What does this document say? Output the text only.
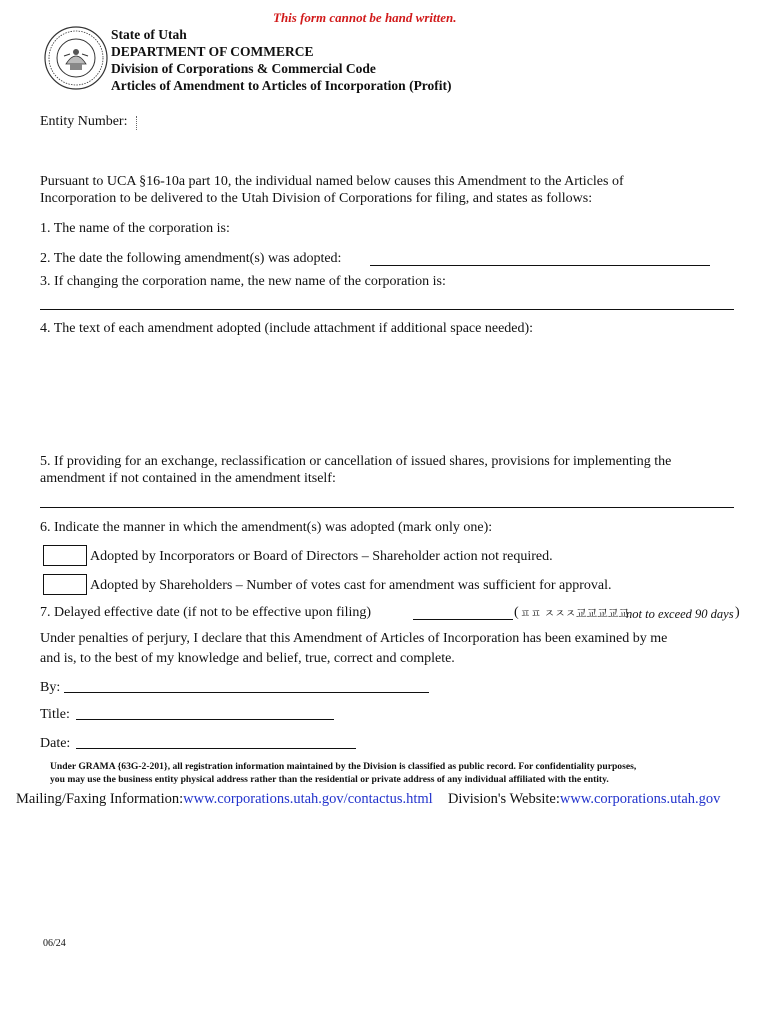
This form cannot be hand written.
State of Utah
DEPARTMENT OF COMMERCE
Division of Corporations & Commercial Code
Articles of Amendment to Articles of Incorporation (Profit)
Entity Number:
Pursuant to UCA §16-10a part 10, the individual named below causes this Amendment to the Articles of
Incorporation to be delivered to the Utah Division of Corporations for filing, and states as follows:
1. The name of the corporation is:
2. The date the following amendment(s) was adopted:
3. If changing the corporation name, the new name of the corporation is:
4. The text of each amendment adopted (include attachment if additional space needed):
5. If providing for an exchange, reclassification or cancellation of issued shares, provisions for implementing the
amendment if not contained in the amendment itself:
6. Indicate the manner in which the amendment(s) was adopted (mark only one):
Adopted by Incorporators or Board of Directors – Shareholder action not required.
Adopted by Shareholders – Number of votes cast for amendment was sufficient for approval.
7. Delayed effective date (if not to be effective upon filing)	( ㅍㅍ ㅈㅈㅈ교교교교교
not to exceed 90 days )
Under penalties of perjury, I declare that this Amendment of Articles of Incorporation has been examined by me
and is, to the best of my knowledge and belief, true, correct and complete.
By:
Title:
Date:
Under GRAMA {63G-2-201}, all registration information maintained by the Division is classified as public record. For confidentiality purposes,
you may use the business entity physical address rather than the residential or private address of any individual affiliated with the entity.
Mailing/Faxing Information:www.corporations.utah.gov/contactus.html Division's Website:www.corporations.utah.gov
06/24
